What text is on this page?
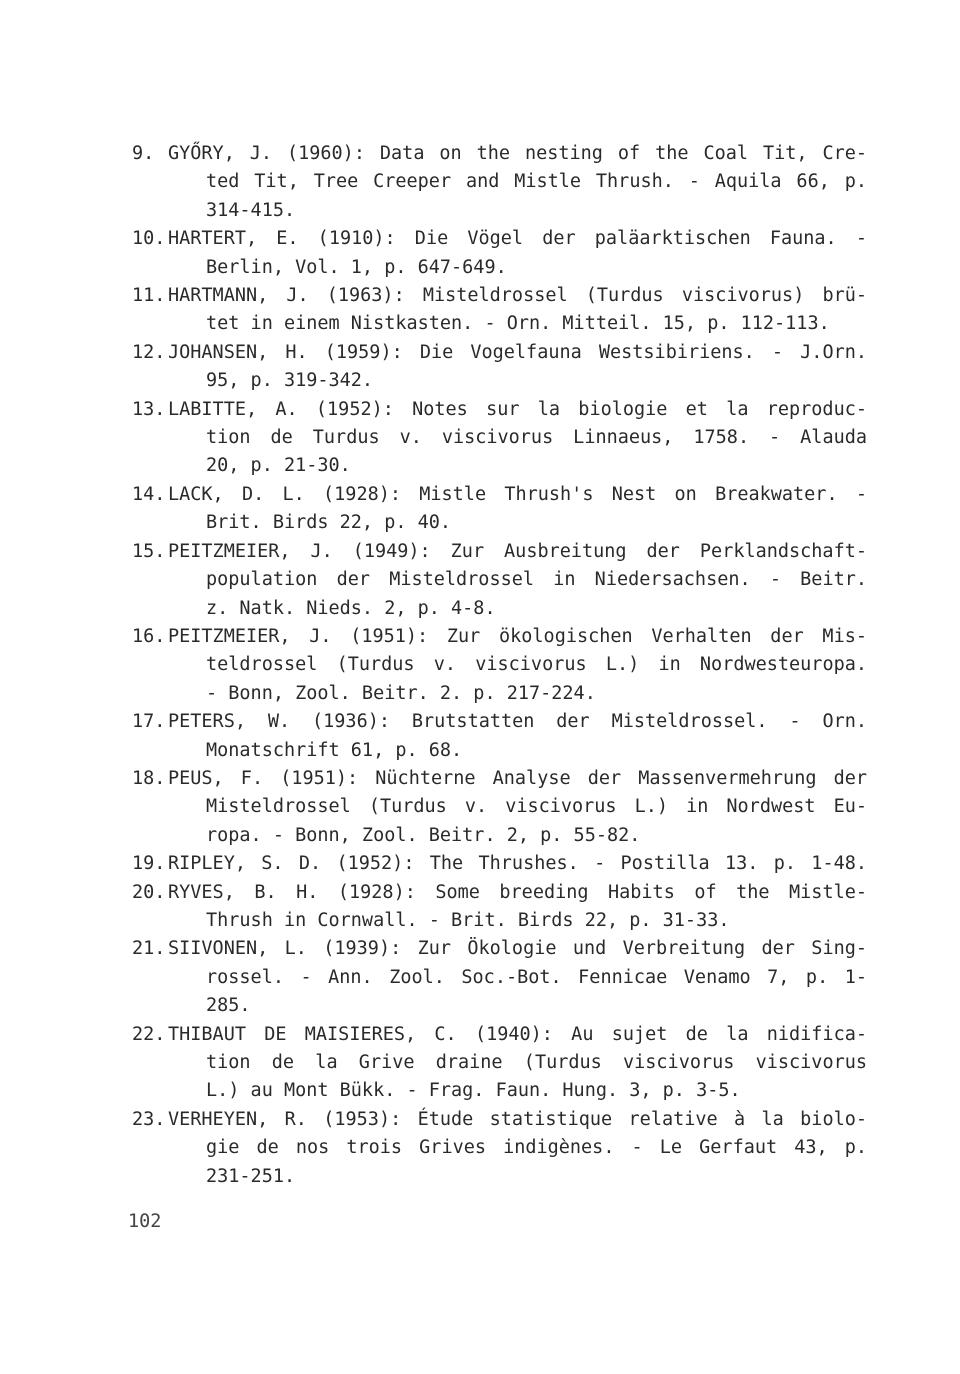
9. GYŐRY, J. (1960): Data on the nesting of the Coal Tit, Cre-
ted Tit, Tree Creeper and Mistle Thrush. - Aquila 66, p.
314-415.
10. HARTERT, E. (1910): Die Vögel der paläarktischen Fauna. -
Berlin, Vol. 1, p. 647-649.
11. HARTMANN, J. (1963): Misteldrossel (Turdus viscivorus) brü-
tet in einem Nistkasten. - Orn. Mitteil. 15, p. 112-113.
12. JOHANSEN, H. (1959): Die Vogelfauna Westsibiriens. - J.Orn.
95, p. 319-342.
13. LABITTE, A. (1952): Notes sur la biologie et la reproduc-
tion de Turdus v. viscivorus Linnaeus, 1758. - Alauda
20, p. 21-30.
14. LACK, D. L. (1928): Mistle Thrush's Nest on Breakwater. -
Brit. Birds 22, p. 40.
15. PEITZMEIER, J. (1949): Zur Ausbreitung der Perklandschaft-
population der Misteldrossel in Niedersachsen. - Beitr.
z. Natk. Nieds. 2, p. 4-8.
16. PEITZMEIER, J. (1951): Zur ökologischen Verhalten der Mis-
teldrossel (Turdus v. viscivorus L.) in Nordwesteuropa.
- Bonn, Zool. Beitr. 2. p. 217-224.
17. PETERS, W. (1936): Brutstatten der Misteldrossel. - Orn.
Monatschrift 61, p. 68.
18. PEUS, F. (1951): Nüchterne Analyse der Massenvermehrung der
Misteldrossel (Turdus v. viscivorus L.) in Nordwest Eu-
ropa. - Bonn, Zool. Beitr. 2, p. 55-82.
19. RIPLEY, S. D. (1952): The Thrushes. - Postilla 13. p. 1-48.
20. RYVES, B. H. (1928): Some breeding Habits of the Mistle-
Thrush in Cornwall. - Brit. Birds 22, p. 31-33.
21. SIIVONEN, L. (1939): Zur Ökologie und Verbreitung der Sing-
rossel. - Ann. Zool. Soc.-Bot. Fennicae Venamo 7, p. 1-
285.
22. THIBAUT DE MAISIERES, C. (1940): Au sujet de la nidifica-
tion de la Grive draine (Turdus viscivorus viscivorus
L.) au Mont Bükk. - Frag. Faun. Hung. 3, p. 3-5.
23. VERHEYEN, R. (1953): Étude statistique relative à la biolo-
gie de nos trois Grives indigènes. - Le Gerfaut 43, p.
231-251.
102
